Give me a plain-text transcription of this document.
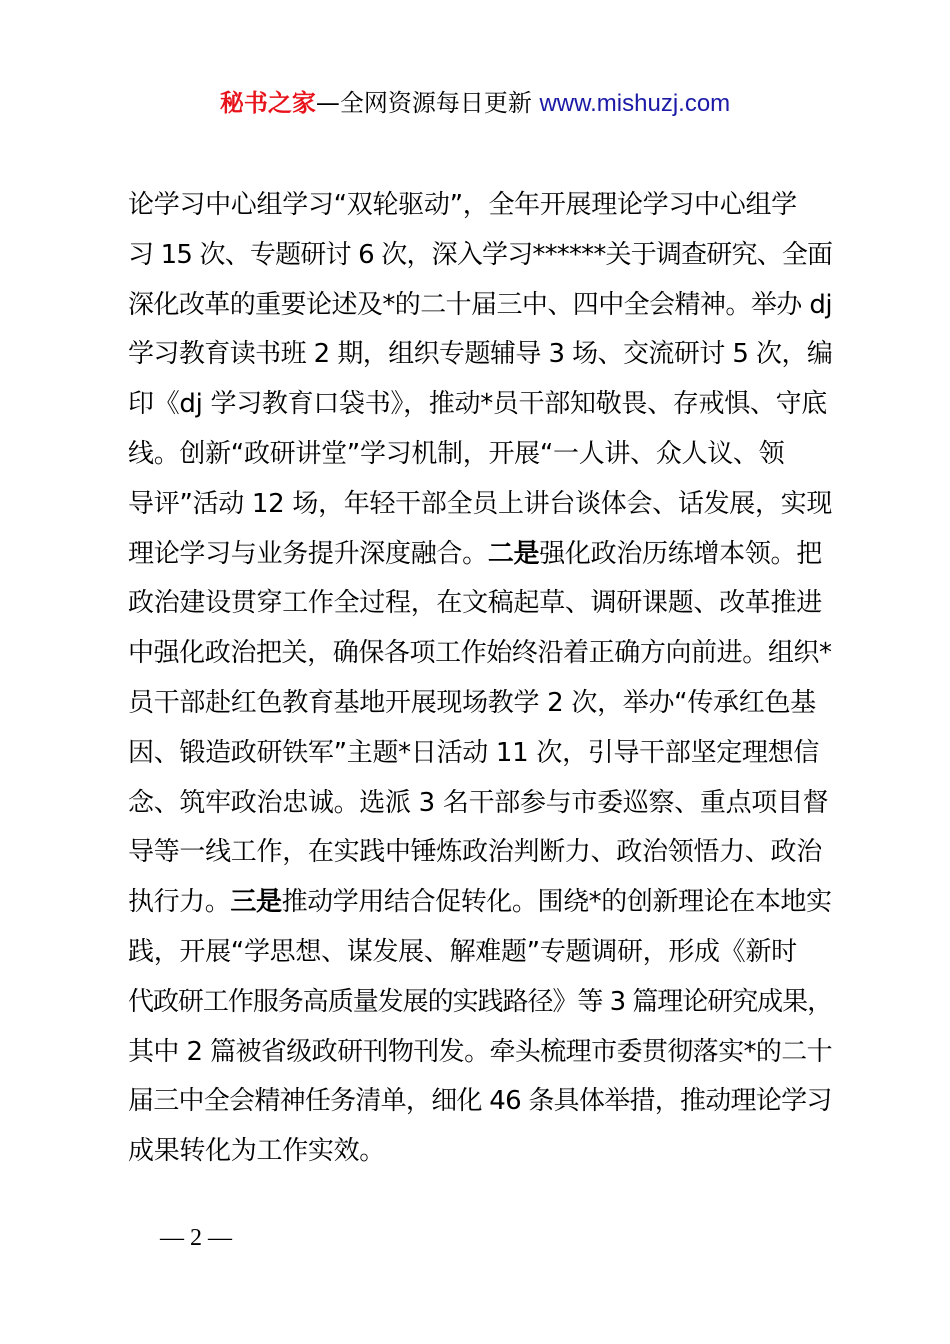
秘书之家—全网资源每日更新 www.mishuzj.com
论学习中心组学习“双轮驱动”，全年开展理论学习中心组学
习 15 次、专题研讨 6 次，深入学习******关于调查研究、全面
深化改革的重要论述及*的二十届三中、四中全会精神。举办 dj
学习教育读书班 2 期，组织专题辅导 3 场、交流研讨 5 次，编
印《dj 学习教育口袋书》，推动*员干部知敬畏、存戒惧、守底
线。创新“政研讲堂”学习机制，开展“一人讲、众人议、领
导评”活动 12 场，年轻干部全员上讲台谈体会、话发展，实现
理论学习与业务提升深度融合。二是强化政治历练增本领。把
政治建设贯穿工作全过程，在文稿起草、调研课题、改革推进
中强化政治把关，确保各项工作始终沿着正确方向前进。组织*
员干部赴红色教育基地开展现场教学 2 次，举办“传承红色基
因、锻造政研铁军”主题*日活动 11 次，引导干部坚定理想信
念、筑牢政治忠诚。选派 3 名干部参与市委巡察、重点项目督
导等一线工作，在实践中锤炼政治判断力、政治领悟力、政治
执行力。三是推动学用结合促转化。围绕*的创新理论在本地实
践，开展“学思想、谋发展、解难题”专题调研，形成《新时
代政研工作服务高质量发展的实践路径》等 3 篇理论研究成果，
其中 2 篇被省级政研刊物刊发。牵头梳理市委贯彻落实*的二十
届三中全会精神任务清单，细化 46 条具体举措，推动理论学习
成果转化为工作实效。
— 2 —
